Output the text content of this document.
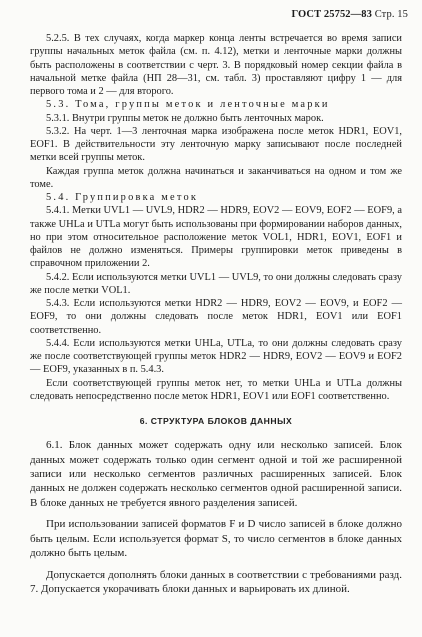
ГОСТ 25752—83 Стр. 15

5.2.5. В тех случаях, когда маркер конца ленты встречается во время записи группы начальных меток файла (см. п. 4.12), метки и ленточные марки должны быть расположены в соответствии с черт. 3. В порядковый номер секции файла в начальной метке файла (НП 28—31, см. табл. 3) проставляют цифру 1 — для первого тома и 2 — для второго.

5.3. Тома, группы меток и ленточные марки

5.3.1. Внутри группы меток не должно быть ленточных марок.

5.3.2. На черт. 1—3 ленточная марка изображена после меток HDR1, EOV1, EOF1. В действительности эту ленточную марку записывают после последней метки всей группы меток.

Каждая группа меток должна начинаться и заканчиваться на одном и том же томе.

5.4. Группировка меток

5.4.1. Метки UVL1 — UVL9, HDR2 — HDR9, EOV2 — EOV9, EOF2 — EOF9, а также UHLa и UTLa могут быть использованы при формировании наборов данных, но при этом относительное расположение меток VOL1, HDR1, EOV1, EOF1 и файлов не должно изменяться. Примеры группировки меток приведены в справочном приложении 2.

5.4.2. Если используются метки UVL1 — UVL9, то они должны следовать сразу же после метки VOL1.

5.4.3. Если используются метки HDR2 — HDR9, EOV2 — EOV9, и EOF2 — EOF9, то они должны следовать после меток HDR1, EOV1 или EOF1 соответственно.

5.4.4. Если используются метки UHLa, UTLa, то они должны следовать сразу же после соответствующей группы меток HDR2 — HDR9, EOV2 — EOV9 и EOF2 — EOF9, указанных в п. 5.4.3.

Если соответствующей группы меток нет, то метки UHLa и UTLa должны следовать непосредственно после меток HDR1, EOV1 или EOF1 соответственно.

6. СТРУКТУРА БЛОКОВ ДАННЫХ

6.1. Блок данных может содержать одну или несколько записей. Блок данных может содержать только один сегмент одной и той же расширенной записи или несколько сегментов различных расширенных записей. Блок данных не должен содержать несколько сегментов одной расширенной записи. В блоке данных не требуется явного разделения записей.

При использовании записей форматов F и D число записей в блоке должно быть целым. Если используется формат S, то число сегментов в блоке данных должно быть целым.

Допускается дополнять блоки данных в соответствии с требованиями разд. 7. Допускается укорачивать блоки данных и варьировать их длиной.
